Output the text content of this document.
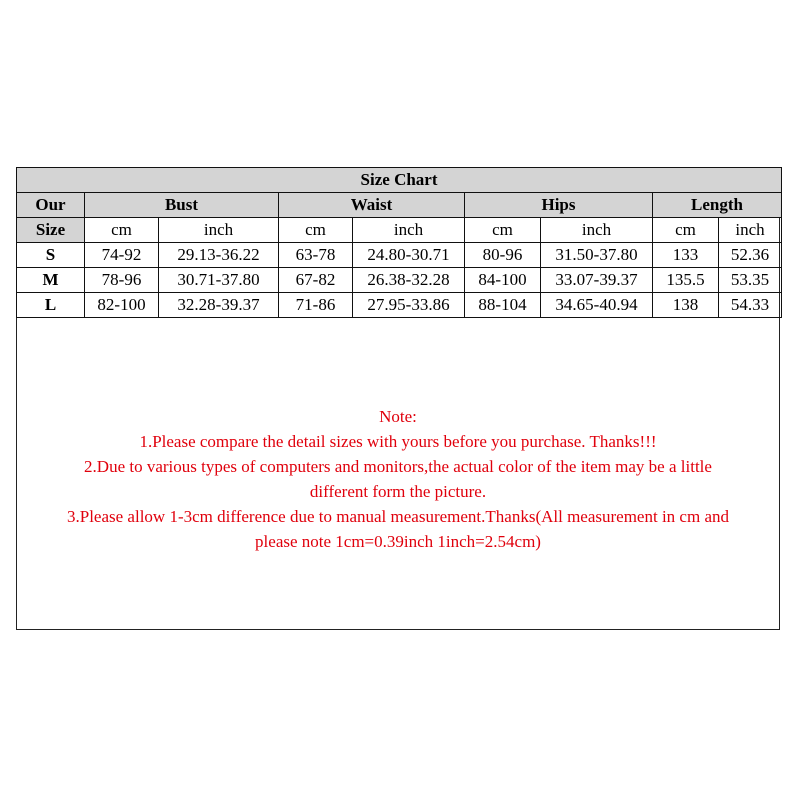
Size Chart								
Our	Bust		Waist		Hips		Length	
Size	cm	inch	cm	inch	cm	inch	cm	inch
S	74-92	29.13-36.22	63-78	24.80-30.71	80-96	31.50-37.80	133	52.36
M	78-96	30.71-37.80	67-82	26.38-32.28	84-100	33.07-39.37	135.5	53.35
L	82-100	32.28-39.37	71-86	27.95-33.86	88-104	34.65-40.94	138	54.33
Note:
1.Please compare the detail sizes with yours before you purchase. Thanks!!!
2.Due to various types of computers and monitors,the actual color of the item may be a little
different form the picture.
3.Please allow 1-3cm difference due to manual measurement.Thanks(All measurement in cm and
please note 1cm=0.39inch 1inch=2.54cm)
